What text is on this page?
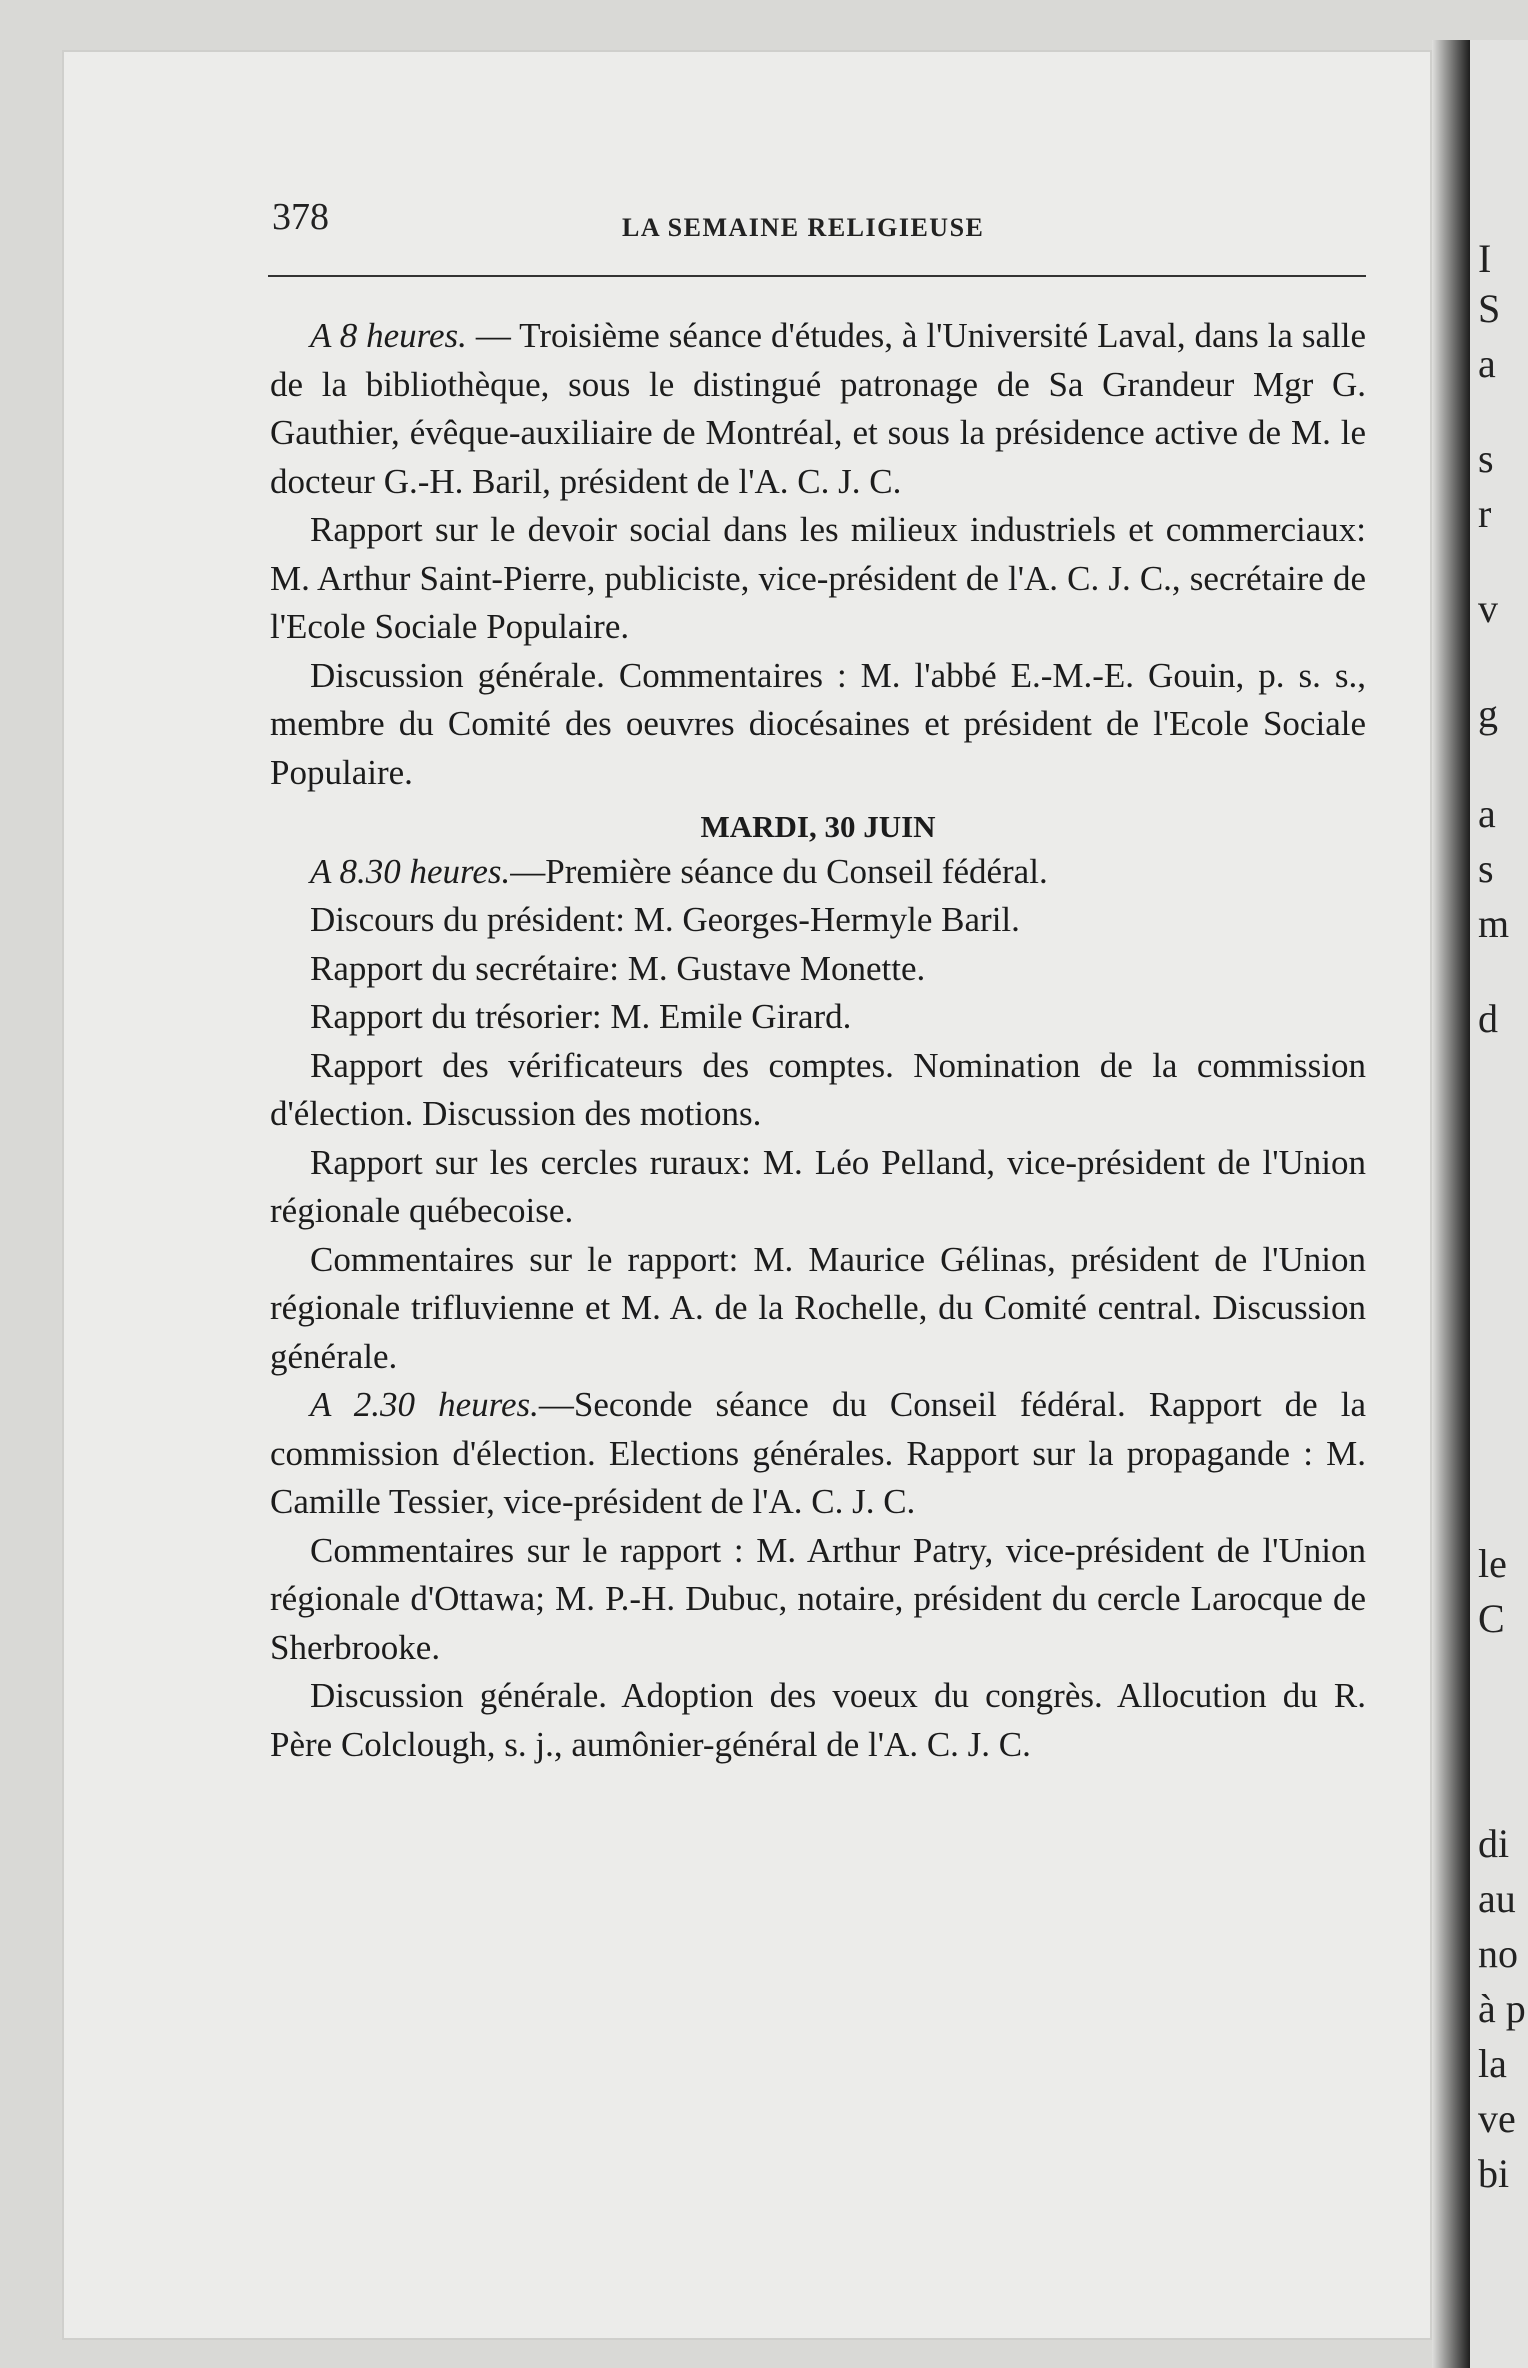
I
S
a
s
r
v
g
a
s
m
d
le
C
di
au
no
à p
la
ve
bi
378	LA SEMAINE RELIGIEUSE

A 8 heures. — Troisième séance d'études, à l'Université Laval, dans la salle de la bibliothèque, sous le distingué patronage de Sa Grandeur Mgr G. Gauthier, évêque-auxiliaire de Montréal, et sous la présidence active de M. le docteur G.-H. Baril, président de l'A. C. J. C.

Rapport sur le devoir social dans les milieux industriels et commerciaux: M. Arthur Saint-Pierre, publiciste, vice-président de l'A. C. J. C., secrétaire de l'Ecole Sociale Populaire.

Discussion générale. Commentaires : M. l'abbé E.-M.-E. Gouin, p. s. s., membre du Comité des oeuvres diocésaines et président de l'Ecole Sociale Populaire.

MARDI, 30 JUIN

A 8.30 heures.—Première séance du Conseil fédéral.

Discours du président: M. Georges-Hermyle Baril.

Rapport du secrétaire: M. Gustave Monette.

Rapport du trésorier: M. Emile Girard.

Rapport des vérificateurs des comptes. Nomination de la commission d'élection. Discussion des motions.

Rapport sur les cercles ruraux: M. Léo Pelland, vice-président de l'Union régionale québecoise.

Commentaires sur le rapport: M. Maurice Gélinas, président de l'Union régionale trifluvienne et M. A. de la Rochelle, du Comité central. Discussion générale.

A 2.30 heures.—Seconde séance du Conseil fédéral. Rapport de la commission d'élection. Elections générales. Rapport sur la propagande : M. Camille Tessier, vice-président de l'A. C. J. C.

Commentaires sur le rapport : M. Arthur Patry, vice-président de l'Union régionale d'Ottawa; M. P.-H. Dubuc, notaire, président du cercle Larocque de Sherbrooke.

Discussion générale. Adoption des voeux du congrès. Allocution du R. Père Colclough, s. j., aumônier-général de l'A. C. J. C.
